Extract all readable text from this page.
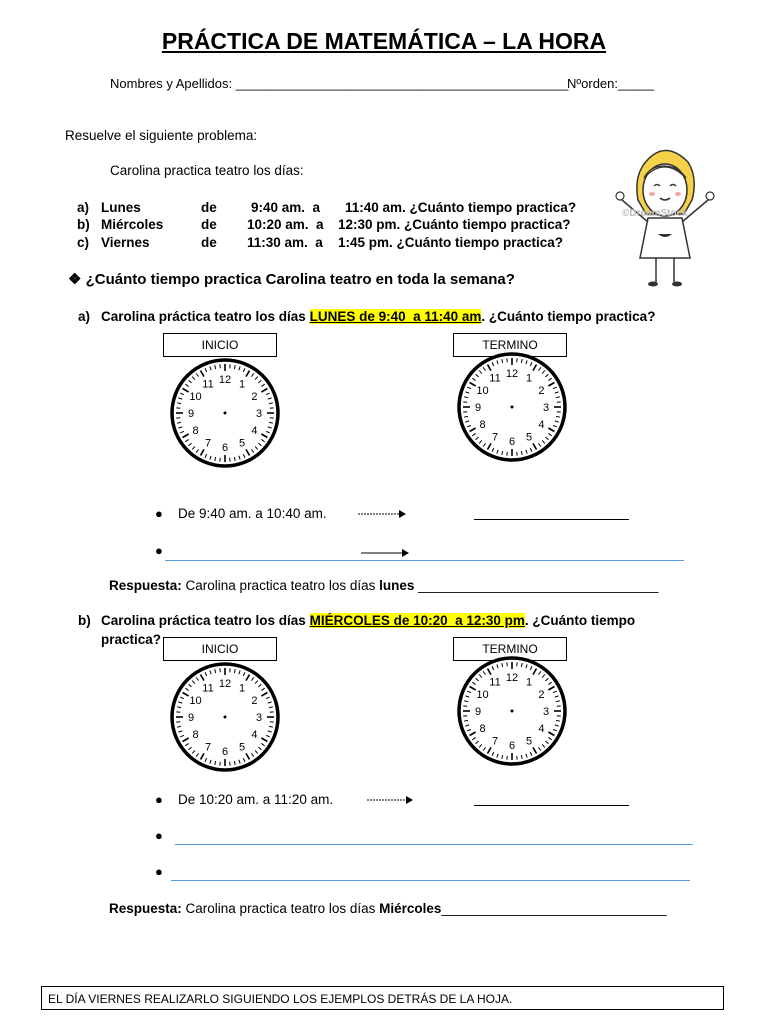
PRÁCTICA DE MATEMÁTICA – LA HORA
Nombres y Apellidos: ______________________________________________
Nºorden:_____
Resuelve el siguiente problema:
Carolina practica teatro los días:
a) Lunes	de	9:40 am.  a 11:40 am. ¿Cuánto tiempo practica?
b) Miércoles	de 10:20 am.  a 12:30 pm. ¿Cuánto tiempo practica?
c) Viernes	de 11:30 am.  a 1:45 pm. ¿Cuánto tiempo practica?
©DreamStock
❖ ¿Cuánto tiempo practica Carolina teatro en toda la semana?
a) Carolina práctica teatro los días LUNES de 9:40  a 11:40 am. ¿Cuánto tiempo practica?
INICIO	TERMINO
12 1
2
3
4
5
6
7
8
9
10
11
12 1
2
3
4
5
6
7
8
9
10
11
● De 9:40 am. a 10:40 am.
●
Respuesta: Carolina practica teatro los días lunes ________________________________
b) Carolina práctica teatro los días MIÉRCOLES de 10:20  a 12:30 pm. ¿Cuánto tiempo
practica?
INICIO	TERMINO
12 1
2
3
4
5
6
7
8
9
10
11
12 1
2
3
4
5
6
7
8
9
10
11
● De 10:20 am. a 11:20 am.
●
●
Respuesta: Carolina practica teatro los días Miércoles______________________________
EL DÍA VIERNES REALIZARLO SIGUIENDO LOS EJEMPLOS DETRÁS DE LA HOJA.
